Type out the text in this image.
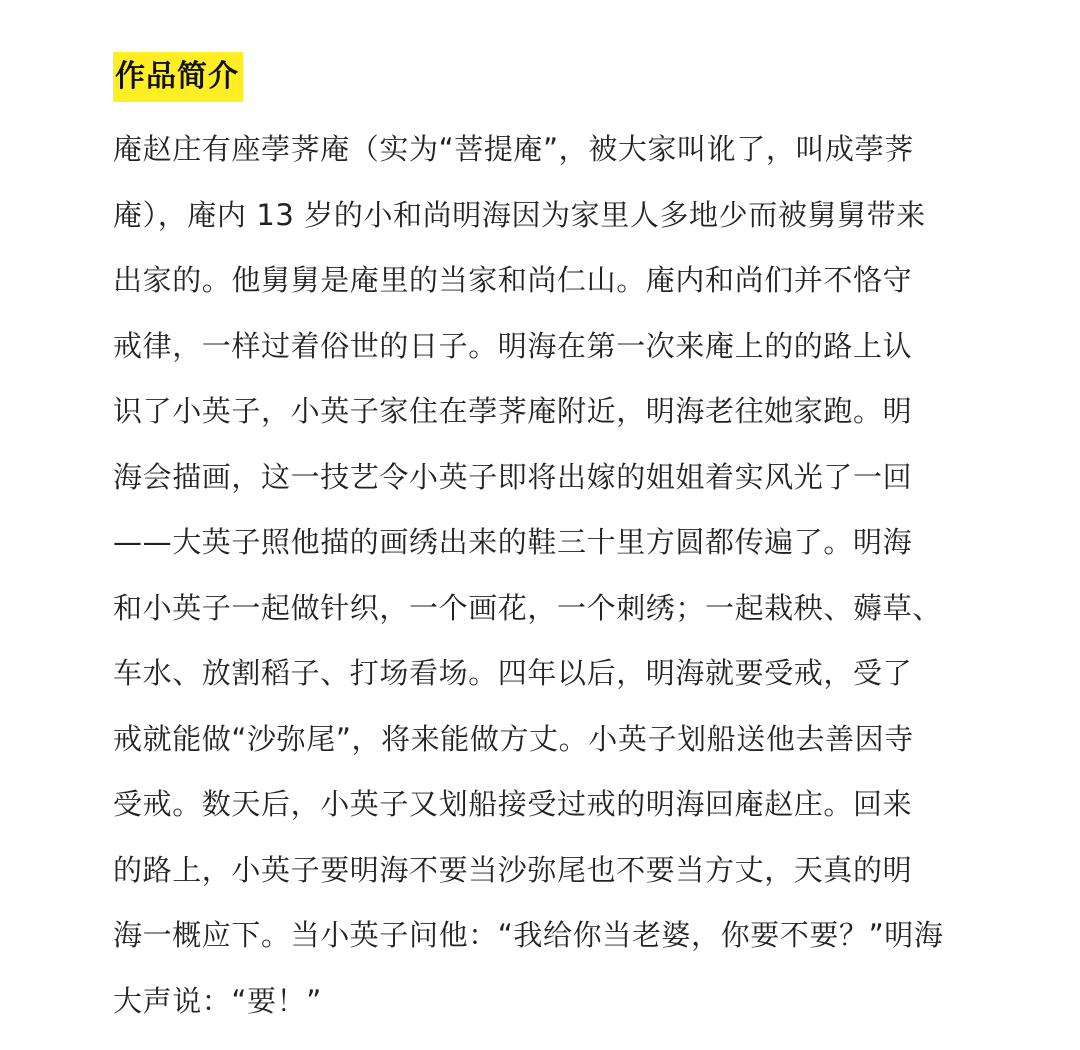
作品简介
庵赵庄有座荸荠庵（实为“菩提庵”，被大家叫讹了，叫成荸荠
庵），庵内 13 岁的小和尚明海因为家里人多地少而被舅舅带来
出家的。他舅舅是庵里的当家和尚仁山。庵内和尚们并不恪守
戒律，一样过着俗世的日子。明海在第一次来庵上的的路上认
识了小英子，小英子家住在荸荠庵附近，明海老往她家跑。明
海会描画，这一技艺令小英子即将出嫁的姐姐着实风光了一回
——大英子照他描的画绣出来的鞋三十里方圆都传遍了。明海
和小英子一起做针织，一个画花，一个刺绣；一起栽秧、薅草、
车水、放割稻子、打场看场。四年以后，明海就要受戒，受了
戒就能做“沙弥尾”，将来能做方丈。小英子划船送他去善因寺
受戒。数天后，小英子又划船接受过戒的明海回庵赵庄。回来
的路上，小英子要明海不要当沙弥尾也不要当方丈，天真的明
海一概应下。当小英子问他：“我给你当老婆，你要不要？”明海
大声说：“要！”
